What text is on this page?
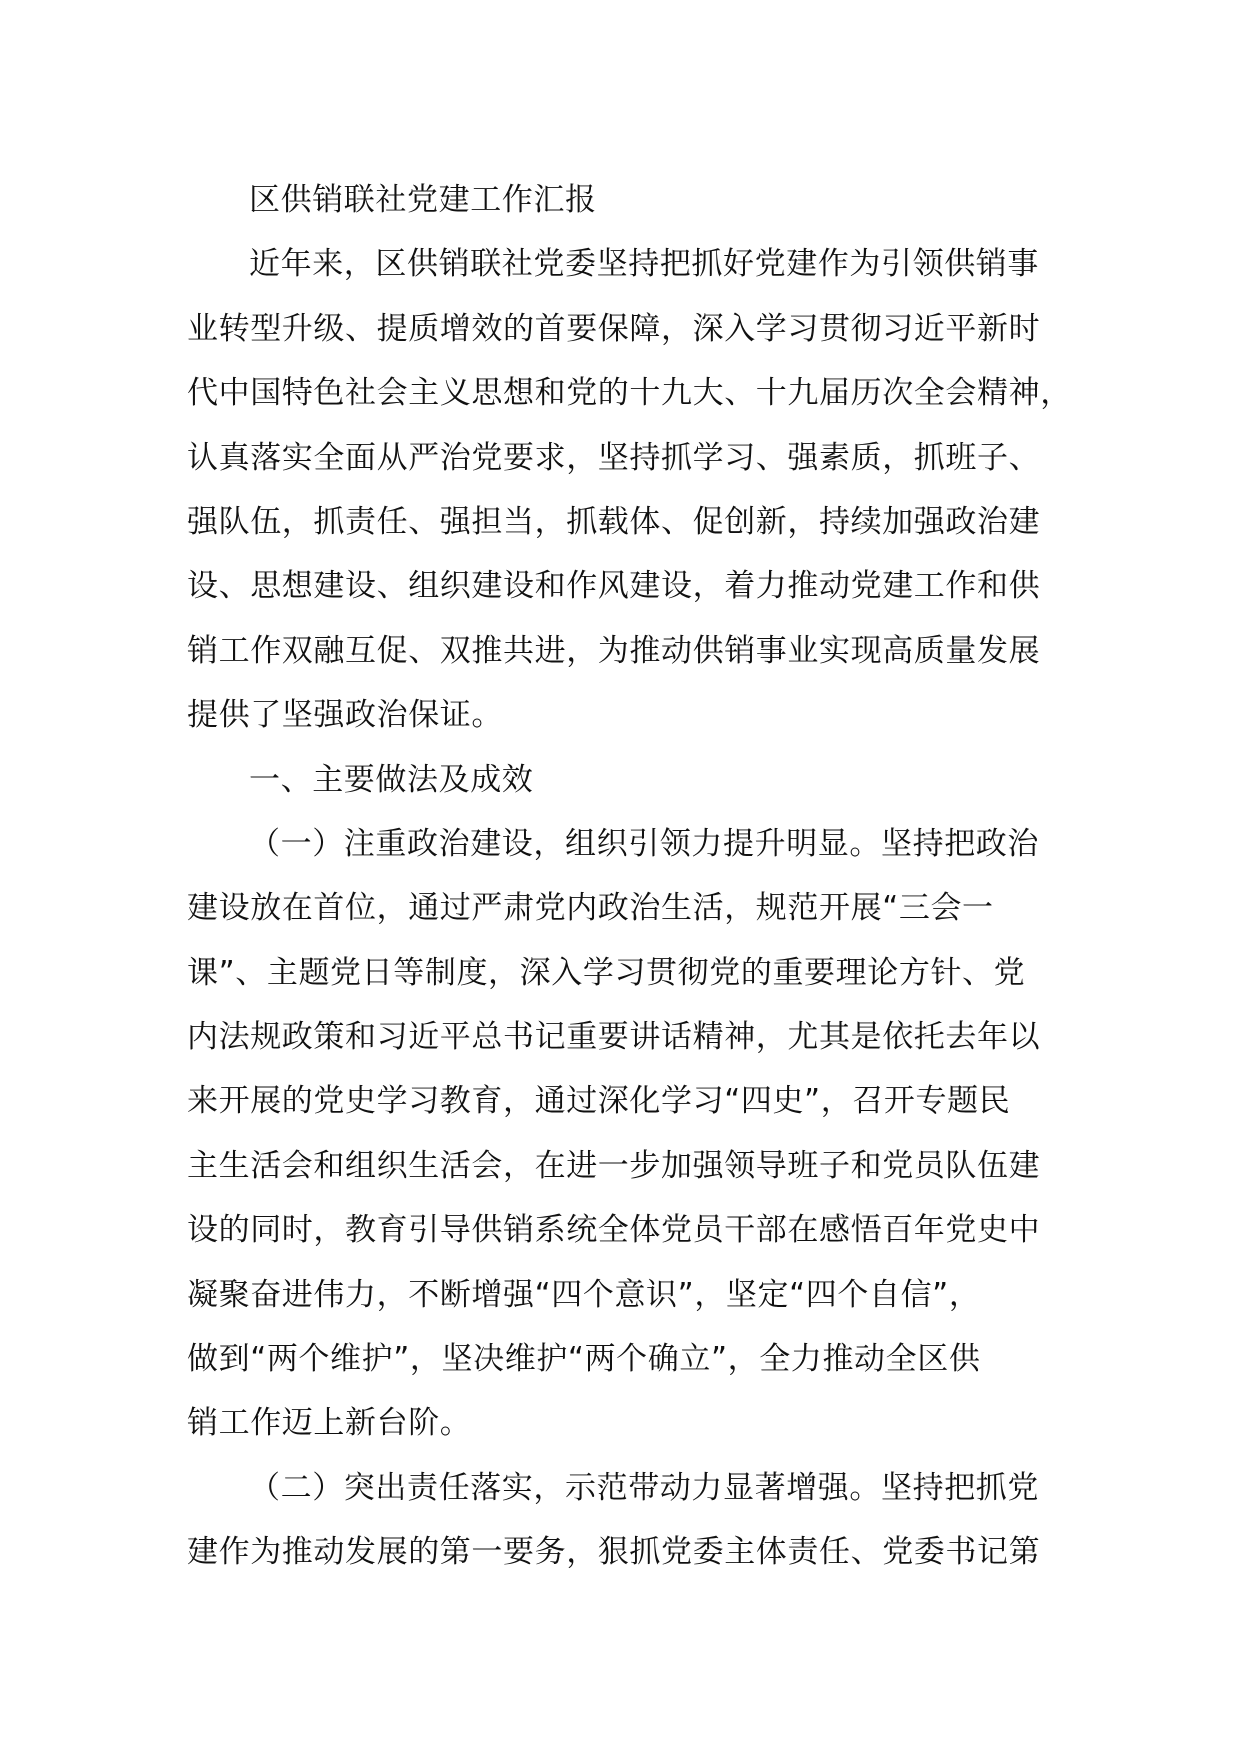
区供销联社党建工作汇报
近年来，区供销联社党委坚持把抓好党建作为引领供销事
业转型升级、提质增效的首要保障，深入学习贯彻习近平新时
代中国特色社会主义思想和党的十九大、十九届历次全会精神，
认真落实全面从严治党要求，坚持抓学习、强素质，抓班子、
强队伍，抓责任、强担当，抓载体、促创新，持续加强政治建
设、思想建设、组织建设和作风建设，着力推动党建工作和供
销工作双融互促、双推共进，为推动供销事业实现高质量发展
提供了坚强政治保证。
一、主要做法及成效
（一）注重政治建设，组织引领力提升明显。坚持把政治
建设放在首位，通过严肃党内政治生活，规范开展“三会一
课”、主题党日等制度，深入学习贯彻党的重要理论方针、党
内法规政策和习近平总书记重要讲话精神，尤其是依托去年以
来开展的党史学习教育，通过深化学习“四史”，召开专题民
主生活会和组织生活会，在进一步加强领导班子和党员队伍建
设的同时，教育引导供销系统全体党员干部在感悟百年党史中
凝聚奋进伟力，不断增强“四个意识”，坚定“四个自信”，
做到“两个维护”，坚决维护“两个确立”，全力推动全区供
销工作迈上新台阶。
（二）突出责任落实，示范带动力显著增强。坚持把抓党
建作为推动发展的第一要务，狠抓党委主体责任、党委书记第
